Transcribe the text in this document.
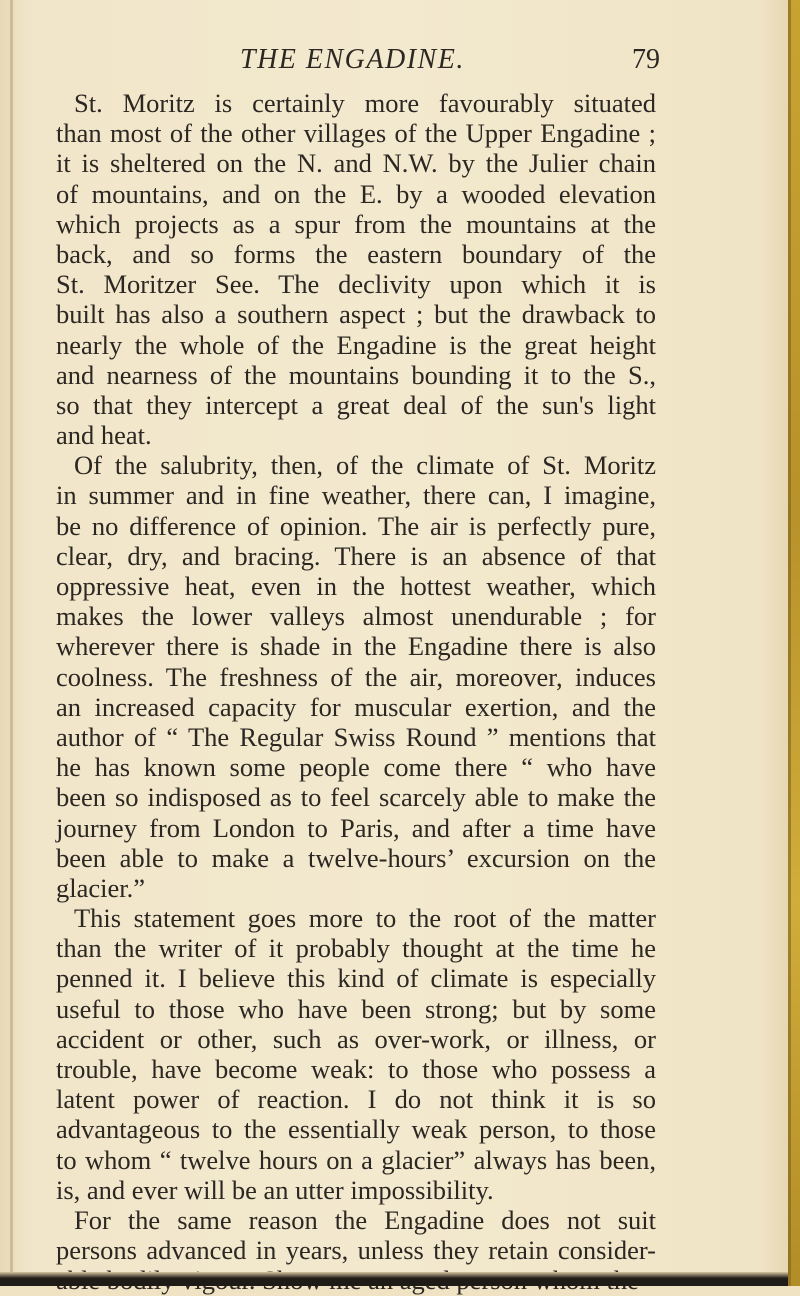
THE ENGADINE.	79
St. Moritz is certainly more favourably situated
than most of the other villages of the Upper Engadine ;
it is sheltered on the N. and N.W. by the Julier chain
of mountains, and on the E. by a wooded elevation
which projects as a spur from the mountains at the
back, and so forms the eastern boundary of the
St. Moritzer See. The declivity upon which it is
built has also a southern aspect ; but the drawback to
nearly the whole of the Engadine is the great height
and nearness of the mountains bounding it to the S.,
so that they intercept a great deal of the sun's light
and heat.
Of the salubrity, then, of the climate of St. Moritz
in summer and in fine weather, there can, I imagine,
be no difference of opinion. The air is perfectly pure,
clear, dry, and bracing. There is an absence of that
oppressive heat, even in the hottest weather, which
makes the lower valleys almost unendurable ; for
wherever there is shade in the Engadine there is also
coolness. The freshness of the air, moreover, induces
an increased capacity for muscular exertion, and the
author of “ The Regular Swiss Round ” mentions that
he has known some people come there “ who have
been so indisposed as to feel scarcely able to make the
journey from London to Paris, and after a time have
been able to make a twelve-hours’ excursion on the
glacier.”
This statement goes more to the root of the matter
than the writer of it probably thought at the time he
penned it. I believe this kind of climate is especially
useful to those who have been strong; but by some
accident or other, such as over-work, or illness, or
trouble, have become weak: to those who possess a
latent power of reaction. I do not think it is so
advantageous to the essentially weak person, to those
to whom “ twelve hours on a glacier” always has been,
is, and ever will be an utter impossibility.
For the same reason the Engadine does not suit
persons advanced in years, unless they retain consider-
